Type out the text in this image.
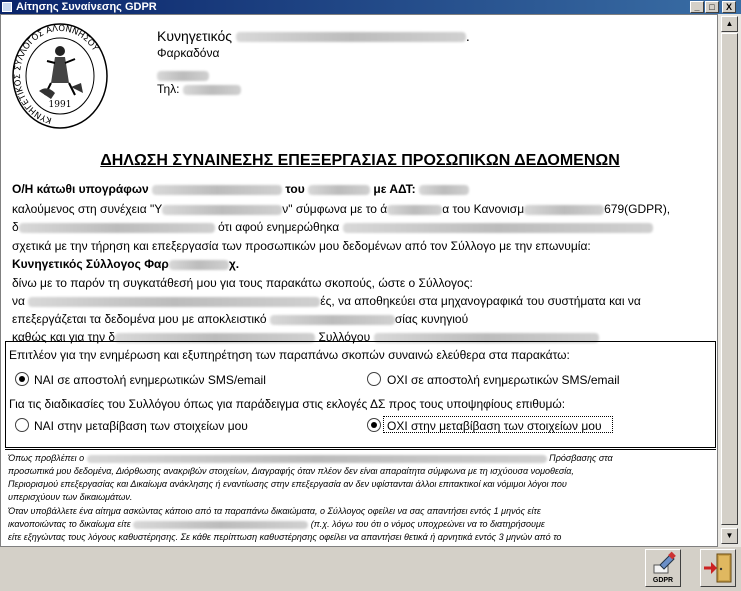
Αίτησης Συναίνεσης GDPR	_	□	X
ΚΥΝΗΓΕΤΙΚΟΣ ΣΥΛΛΟΓΟΣ ΑΛΟΝΝΗΣΟΥ
1991
Κυνηγετικός	.
Φαρκαδόνα
Τηλ:
ΔΗΛΩΣΗ ΣΥΝΑΙΝΕΣΗΣ ΕΠΕΞΕΡΓΑΣΙΑΣ ΠΡΟΣΩΠΙΚΩΝ ΔΕΔΟΜΕΝΩΝ
Ο/Η κάτωθι υπογράφων	του	με ΑΔΤ:
καλούμενος στη συνέχεια "Υ	ν" σύμφωνα με το ά	α του Κανονισμ	679(GDPR),
δ	ότι αφού ενημερώθηκα
σχετικά με την τήρηση και επεξεργασία των προσωπικών μου δεδομένων από τον Σύλλογο με την επωνυμία:
Κυνηγετικός Σύλλογος Φαρ	χ.
δίνω με το παρόν τη συγκατάθεσή μου για τους παρακάτω σκοπούς, ώστε ο Σύλλογος:
να	ές, να αποθηκεύει στα μηχανογραφικά του συστήματα και να
επεξεργάζεται τα δεδομένα μου με αποκλειστικό	σίας κυνηγιού
καθώς και για την δ	Συλλόγου
Επιτλέον για την ενημέρωση και εξυπηρέτηση των παραπάνω σκοπών συναινώ ελεύθερα στα παρακάτω:
ΝΑΙ σε αποστολή ενημερωτικών SMS/email	ΟΧΙ σε αποστολή ενημερωτικών SMS/email
Για τις διαδικασίες του Συλλόγου όπως για παράδειγμα στις εκλογές ΔΣ προς τους υποψηφίους επιθυμώ:
ΝΑΙ στην μεταβίβαση των στοιχείων μου	ΟΧΙ στην μεταβίβαση των στοιχείων μου
Όπως προβλέπει ο	Πρόσβασης στα
προσωπικά μου δεδομένα, Διόρθωσης ανακριβών στοιχείων, Διαγραφής όταν πλέον δεν είναι απαραίτητα σύμφωνα με τη ισχύουσα νομοθεσία,
Περιορισμού επεξεργασίας και Δικαίωμα ανάκλησης ή εναντίωσης στην επεξεργασία αν δεν υφίστανται άλλοι επιτακτικοί και νόμιμοι λόγοι που
υπερισχύουν των δικαιωμάτων.
Όταν υποβάλλετε ένα αίτημα ασκώντας κάποιο από τα παραπάνω δικαιώματα, ο Σύλλογος οφείλει να σας απαντήσει εντός 1 μηνός είτε
ικανοποιώντας το δικαίωμα είτε	(π.χ. λόγω του ότι ο νόμος υποχρεώνει να το διατηρήσουμε
είτε εξηγώντας τους λόγους καθυστέρησης. Σε κάθε περίπτωση καθυστέρησης οφείλει να απαντήσει θετικά ή αρνητικά εντός 3 μηνών από το
▲
▼
GDPR
